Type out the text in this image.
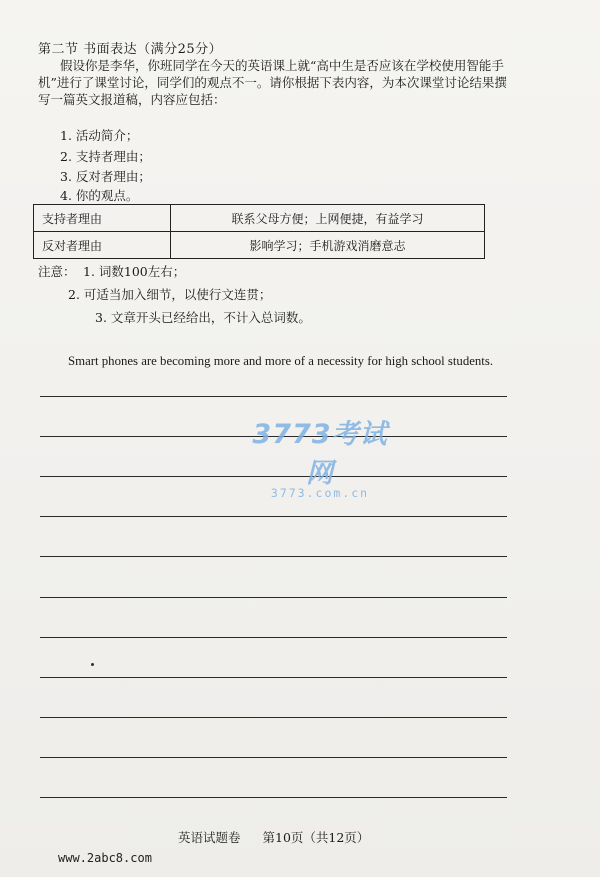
第二节 书面表达（满分25分）
假设你是李华，你班同学在今天的英语课上就“高中生是否应该在学校使用智能手机”进行了课堂讨论，同学们的观点不一。请你根据下表内容，为本次课堂讨论结果撰写一篇英文报道稿，内容应包括：
1. 活动简介；
2. 支持者理由；
3. 反对者理由；
4. 你的观点。
支持者理由	联系父母方便；上网便捷，有益学习
反对者理由	影响学习；手机游戏消磨意志
注意： 1. 词数100左右；
2. 可适当加入细节，以使行文连贯；
3. 文章开头已经给出，不计入总词数。
Smart phones are becoming more and more of a necessity for high school students.
3773考试网
3773.com.cn
英语试题卷 第10页（共12页）
www.2abc8.com
